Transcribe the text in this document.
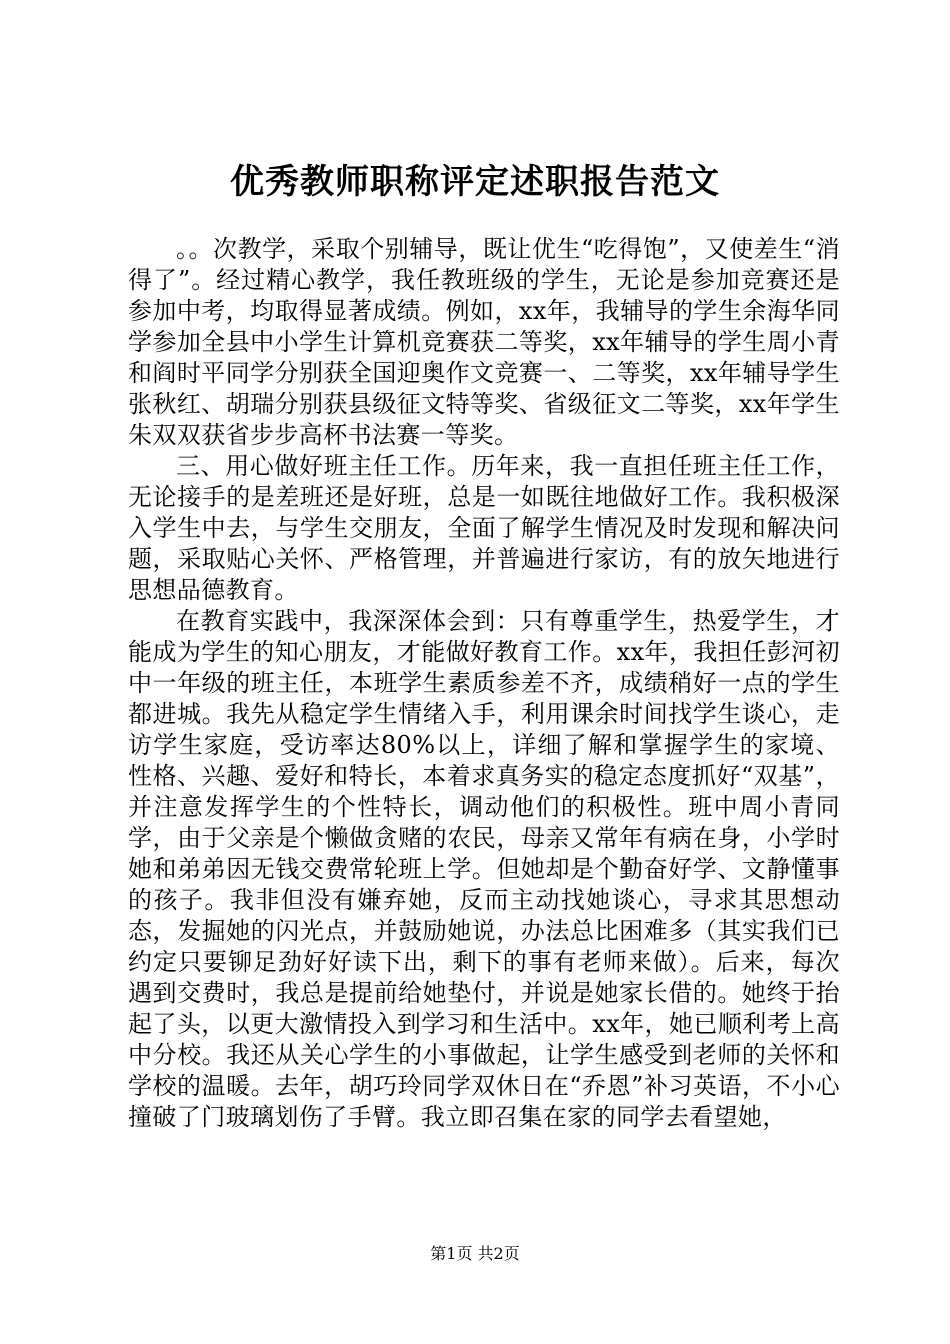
优秀教师职称评定述职报告范文

。。次教学，采取个别辅导，既让优生“吃得饱”，又使差生“消得了”。经过精心教学，我任教班级的学生，无论是参加竞赛还是参加中考，均取得显著成绩。例如，xx年，我辅导的学生余海华同学参加全县中小学生计算机竞赛获二等奖，xx年辅导的学生周小青和阎时平同学分别获全国迎奥作文竞赛一、二等奖，xx年辅导学生张秋红、胡瑞分别获县级征文特等奖、省级征文二等奖，xx年学生朱双双获省步步高杯书法赛一等奖。

三、用心做好班主任工作。历年来，我一直担任班主任工作，无论接手的是差班还是好班，总是一如既往地做好工作。我积极深入学生中去，与学生交朋友，全面了解学生情况及时发现和解决问题，采取贴心关怀、严格管理，并普遍进行家访，有的放矢地进行思想品德教育。

在教育实践中，我深深体会到：只有尊重学生，热爱学生，才能成为学生的知心朋友，才能做好教育工作。xx年，我担任彭河初中一年级的班主任，本班学生素质参差不齐，成绩稍好一点的学生都进城。我先从稳定学生情绪入手，利用课余时间找学生谈心，走访学生家庭，受访率达80%以上，详细了解和掌握学生的家境、性格、兴趣、爱好和特长，本着求真务实的稳定态度抓好“双基”，并注意发挥学生的个性特长，调动他们的积极性。班中周小青同学，由于父亲是个懒做贪赌的农民，母亲又常年有病在身，小学时她和弟弟因无钱交费常轮班上学。但她却是个勤奋好学、文静懂事的孩子。我非但没有嫌弃她，反而主动找她谈心，寻求其思想动态，发掘她的闪光点，并鼓励她说，办法总比困难多（其实我们已约定只要铆足劲好好读下出，剩下的事有老师来做）。后来，每次遇到交费时，我总是提前给她垫付，并说是她家长借的。她终于抬起了头，以更大激情投入到学习和生活中。xx年，她已顺利考上高中分校。我还从关心学生的小事做起，让学生感受到老师的关怀和学校的温暖。去年，胡巧玲同学双休日在“乔恩”补习英语，不小心撞破了门玻璃划伤了手臂。我立即召集在家的同学去看望她，

第1页 共2页
